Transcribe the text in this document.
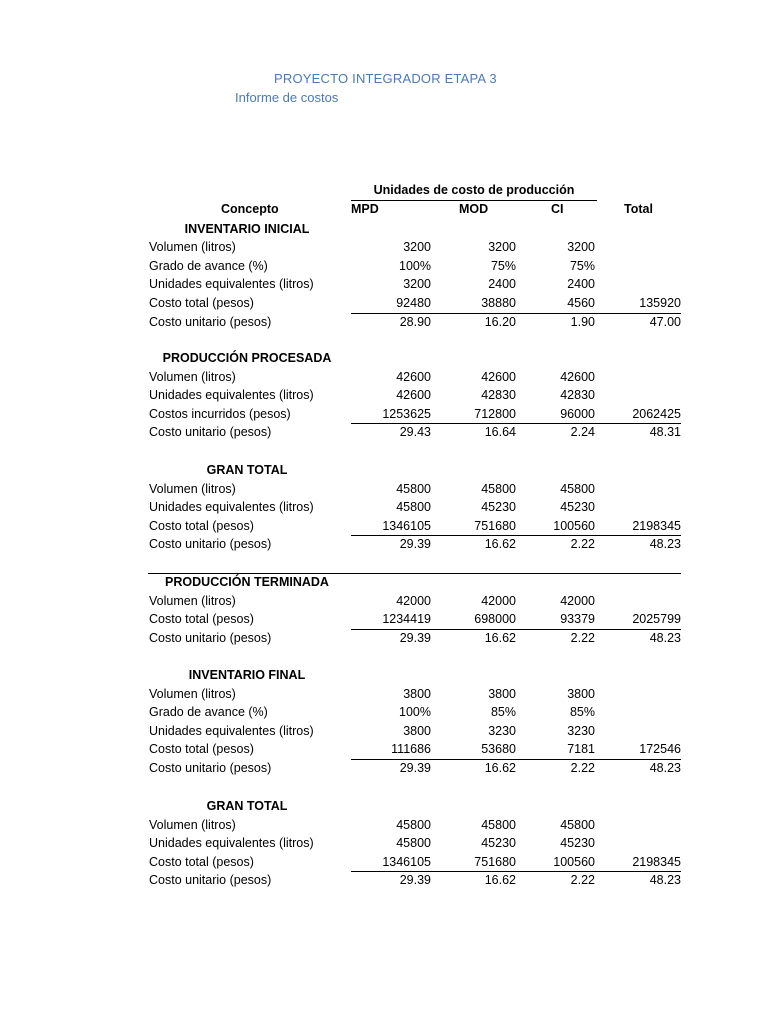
PROYECTO INTEGRADOR ETAPA 3
Informe de costos
Unidades de costo de producción
Concepto	MPD	MOD	CI	Total
INVENTARIO INICIAL
Volumen (litros)	3200	3200	3200
Grado de avance (%)	100%	75%	75%
Unidades equivalentes (litros)	3200	2400	2400
Costo total (pesos)	92480	38880	4560	135920
Costo unitario (pesos)	28.90	16.20	1.90	47.00
PRODUCCIÓN PROCESADA
Volumen (litros)	42600	42600	42600
Unidades equivalentes (litros)	42600	42830	42830
Costos incurridos (pesos)	1253625	712800	96000	2062425
Costo unitario (pesos)	29.43	16.64	2.24	48.31
GRAN TOTAL
Volumen (litros)	45800	45800	45800
Unidades equivalentes (litros)	45800	45230	45230
Costo total (pesos)	1346105	751680	100560	2198345
Costo unitario (pesos)	29.39	16.62	2.22	48.23
PRODUCCIÓN TERMINADA
Volumen (litros)	42000	42000	42000
Costo total (pesos)	1234419	698000	93379	2025799
Costo unitario (pesos)	29.39	16.62	2.22	48.23
INVENTARIO FINAL
Volumen (litros)	3800	3800	3800
Grado de avance (%)	100%	85%	85%
Unidades equivalentes (litros)	3800	3230	3230
Costo total (pesos)	111686	53680	7181	172546
Costo unitario (pesos)	29.39	16.62	2.22	48.23
GRAN TOTAL
Volumen (litros)	45800	45800	45800
Unidades equivalentes (litros)	45800	45230	45230
Costo total (pesos)	1346105	751680	100560	2198345
Costo unitario (pesos)	29.39	16.62	2.22	48.23
